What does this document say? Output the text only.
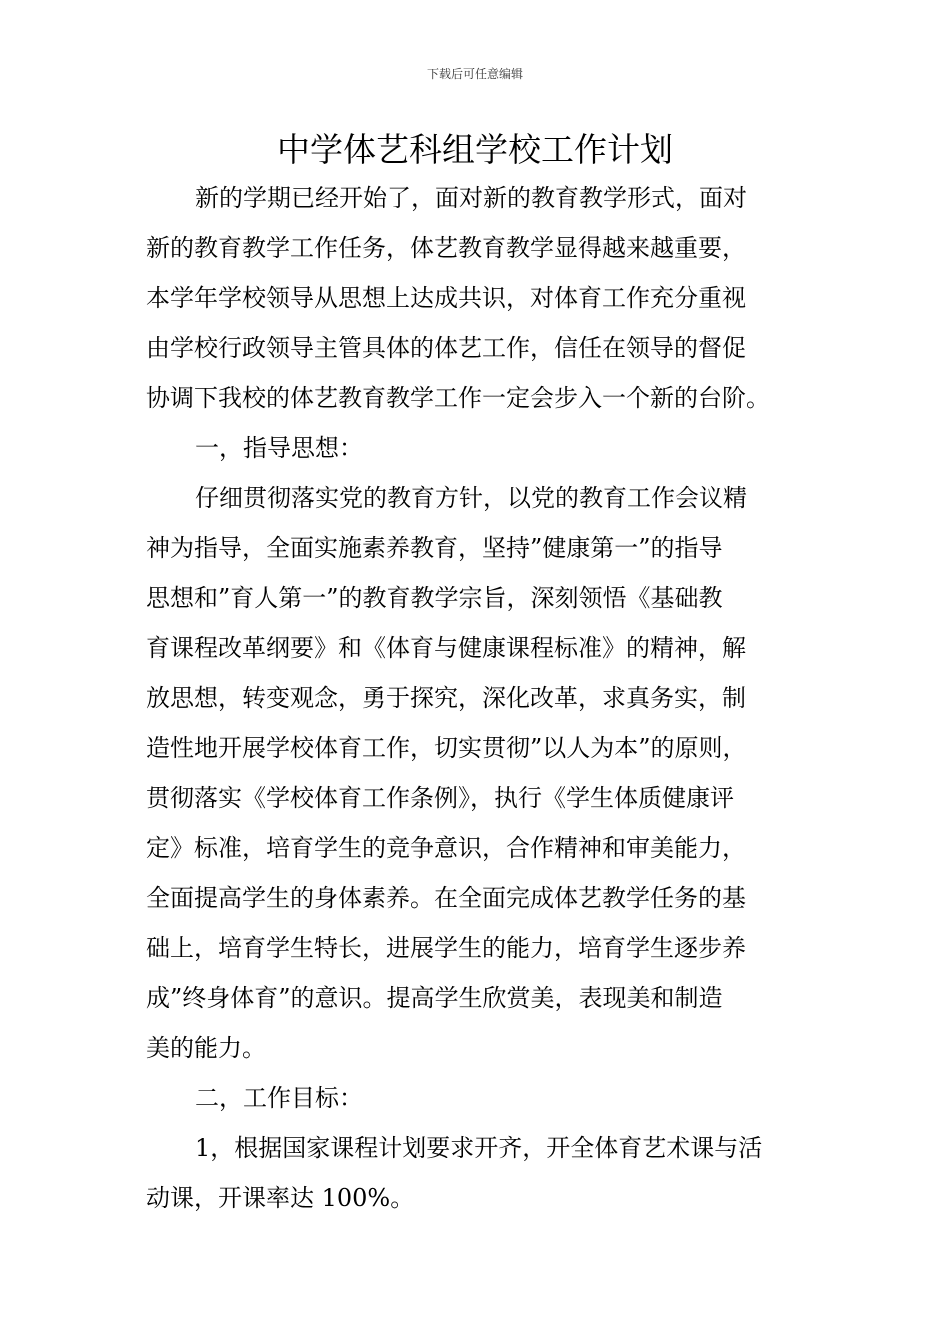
下载后可任意编辑
中学体艺科组学校工作计划
新的学期已经开始了，面对新的教育教学形式，面对
新的教育教学工作任务，体艺教育教学显得越来越重要，
本学年学校领导从思想上达成共识，对体育工作充分重视
由学校行政领导主管具体的体艺工作，信任在领导的督促
协调下我校的体艺教育教学工作一定会步入一个新的台阶。
一，指导思想：
仔细贯彻落实党的教育方针，以党的教育工作会议精
神为指导，全面实施素养教育，坚持”健康第一”的指导
思想和”育人第一”的教育教学宗旨，深刻领悟《基础教
育课程改革纲要》和《体育与健康课程标准》的精神，解
放思想，转变观念，勇于探究，深化改革，求真务实，制
造性地开展学校体育工作，切实贯彻”以人为本”的原则，
贯彻落实《学校体育工作条例》，执行《学生体质健康评
定》标准，培育学生的竞争意识，合作精神和审美能力，
全面提高学生的身体素养。在全面完成体艺教学任务的基
础上，培育学生特长，进展学生的能力，培育学生逐步养
成”终身体育”的意识。提高学生欣赏美，表现美和制造
美的能力。
二，工作目标：
1，根据国家课程计划要求开齐，开全体育艺术课与活
动课，开课率达 100%。
